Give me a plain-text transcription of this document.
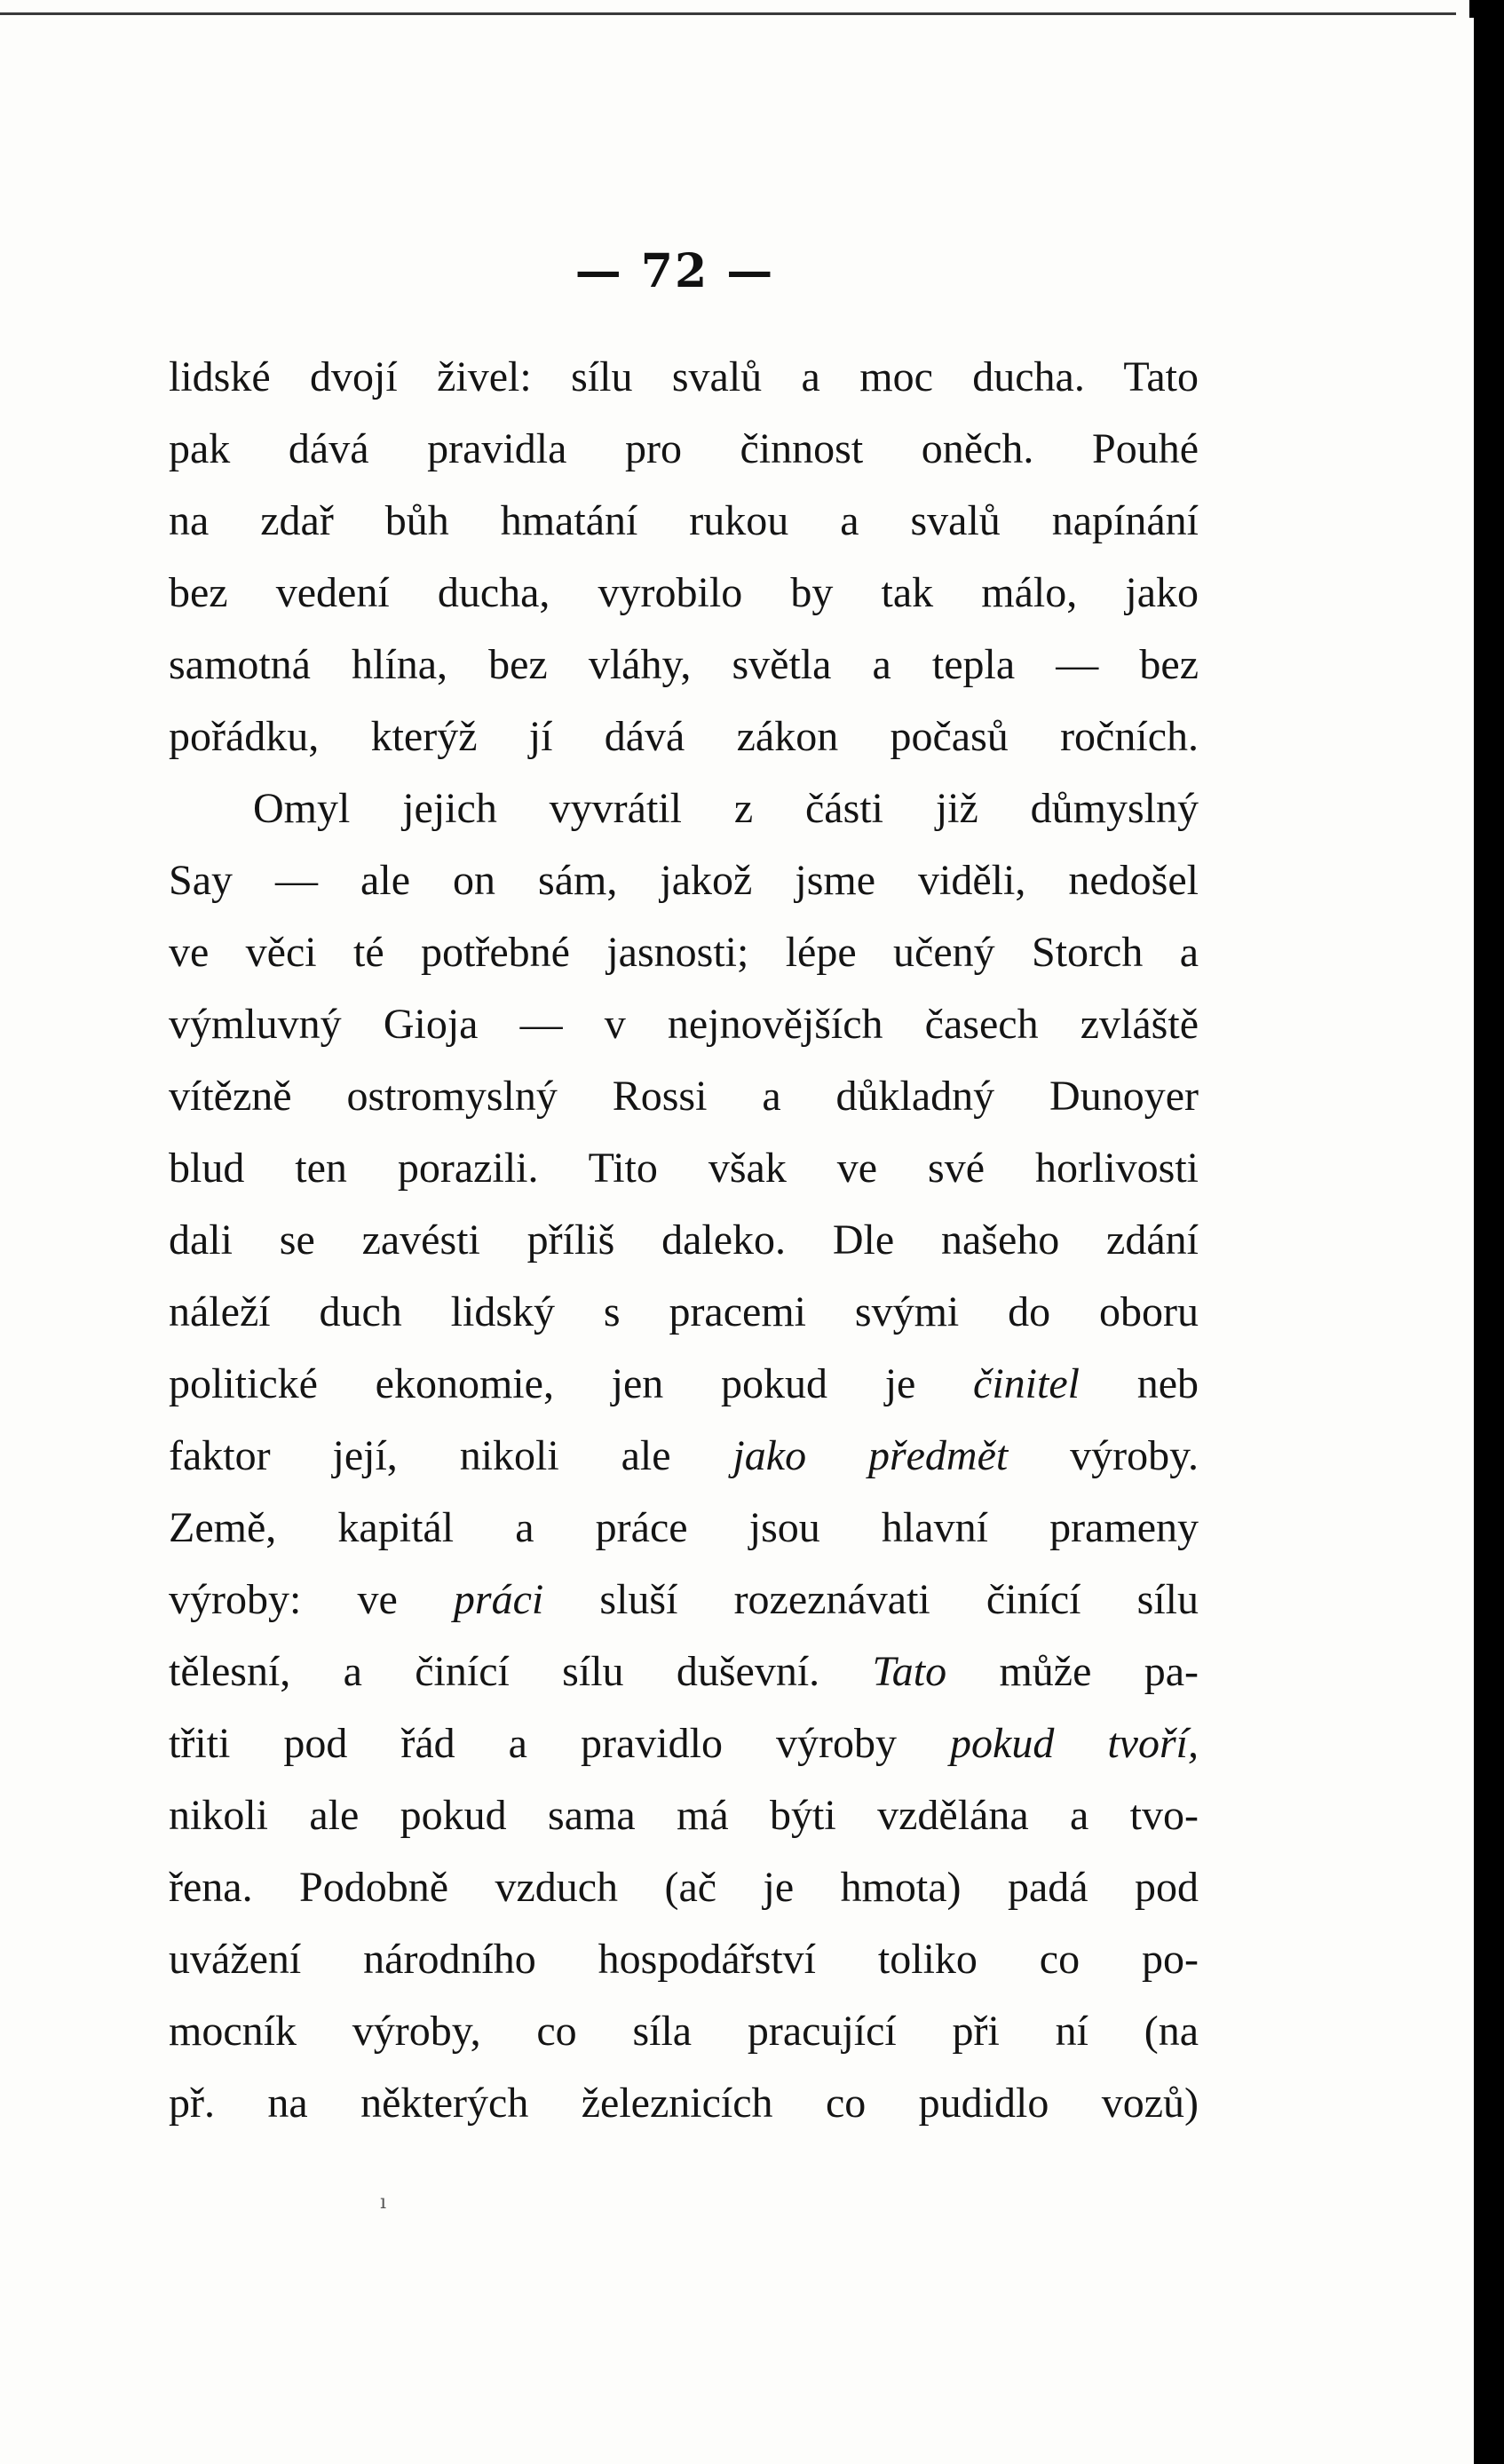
— 72 —
lidské dvojí živel: sílu svalů a moc ducha. Tato
pak dává pravidla pro činnost oněch. Pouhé
na zdař bůh hmatání rukou a svalů napínání
bez vedení ducha, vyrobilo by tak málo, jako
samotná hlína, bez vláhy, světla a tepla — bez
pořádku, kterýž jí dává zákon počasů ročních.
Omyl jejich vyvrátil z části již důmyslný
Say — ale on sám, jakož jsme viděli, nedošel
ve věci té potřebné jasnosti; lépe učený Storch a
výmluvný Gioja — v nejnovějších časech zvláště
vítězně ostromyslný Rossi a důkladný Dunoyer
blud ten porazili. Tito však ve své horlivosti
dali se zavésti příliš daleko. Dle našeho zdání
náleží duch lidský s pracemi svými do oboru
politické ekonomie, jen pokud je činitel neb
faktor její, nikoli ale jako předmět výroby.
Země, kapitál a práce jsou hlavní prameny
výroby: ve práci sluší rozeznávati činící sílu
tělesní, a činící sílu duševní. Tato může pa-
třiti pod řád a pravidlo výroby pokud tvoří,
nikoli ale pokud sama má býti vzdělána a tvo-
řena. Podobně vzduch (ač je hmota) padá pod
uvážení národního hospodářství toliko co po-
mocník výroby, co síla pracující při ní (na
př. na některých železnicích co pudidlo vozů)
ı
